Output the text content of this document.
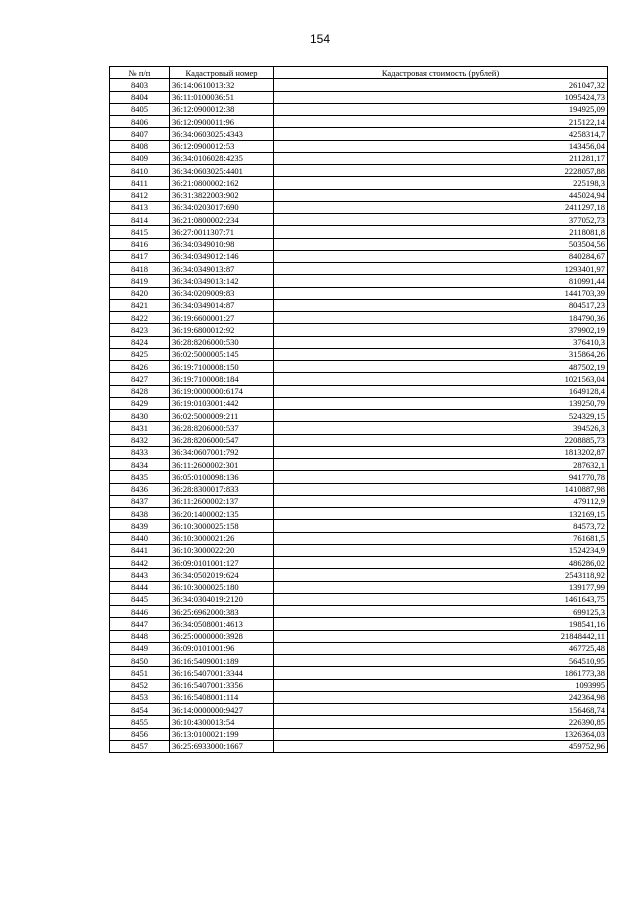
154
№ п/п	Кадастровый номер	Кадастровая стоимость (рублей)
8403	36:14:0610013:32	261047,32
8404	36:11:0100036:51	1095424,73
8405	36:12:0900012:38	194925,09
8406	36:12:0900011:96	215122,14
8407	36:34:0603025:4343	4258314,7
8408	36:12:0900012:53	143456,04
8409	36:34:0106028:4235	211281,17
8410	36:34:0603025:4401	2228057,88
8411	36:21:0800002:162	225198,3
8412	36:31:3822003:902	445024,94
8413	36:34:0203017:690	2411297,18
8414	36:21:0800002:234	377052,73
8415	36:27:0011307:71	2118081,8
8416	36:34:0349010:98	503504,56
8417	36:34:0349012:146	840284,67
8418	36:34:0349013:87	1293401,97
8419	36:34:0349013:142	810991,44
8420	36:34:0209009:83	1441703,39
8421	36:34:0349014:87	804517,23
8422	36:19:6600001:27	184790,36
8423	36:19:6800012:92	379902,19
8424	36:28:8206000:530	376410,3
8425	36:02:5000005:145	315864,26
8426	36:19:7100008:150	487502,19
8427	36:19:7100008:184	1021563,04
8428	36:19:0000000:6174	1649128,4
8429	36:19:0103001:442	139250,79
8430	36:02:5000009:211	524329,15
8431	36:28:8206000:537	394526,3
8432	36:28:8206000:547	2208885,73
8433	36:34:0607001:792	1813202,87
8434	36:11:2600002:301	287632,1
8435	36:05:0100098:136	941770,78
8436	36:28:8300017:833	1410887,98
8437	36:11:2600002:137	479112,9
8438	36:20:1400002:135	132169,15
8439	36:10:3000025:158	84573,72
8440	36:10:3000021:26	761681,5
8441	36:10:3000022:20	1524234,9
8442	36:09:0101001:127	486286,02
8443	36:34:0502019:624	2543118,92
8444	36:10:3000025:180	139177,99
8445	36:34:0304019:2120	1461643,75
8446	36:25:6962000:383	699125,3
8447	36:34:0508001:4613	198541,16
8448	36:25:0000000:3928	21848442,11
8449	36:09:0101001:96	467725,48
8450	36:16:5409001:189	564510,95
8451	36:16:5407001:3344	1861773,38
8452	36:16:5407001:3356	1093995
8453	36:16:5408001:114	242364,98
8454	36:14:0000000:9427	156468,74
8455	36:10:4300013:54	226390,85
8456	36:13:0100021:199	1326364,03
8457	36:25:6933000:1667	459752,96
